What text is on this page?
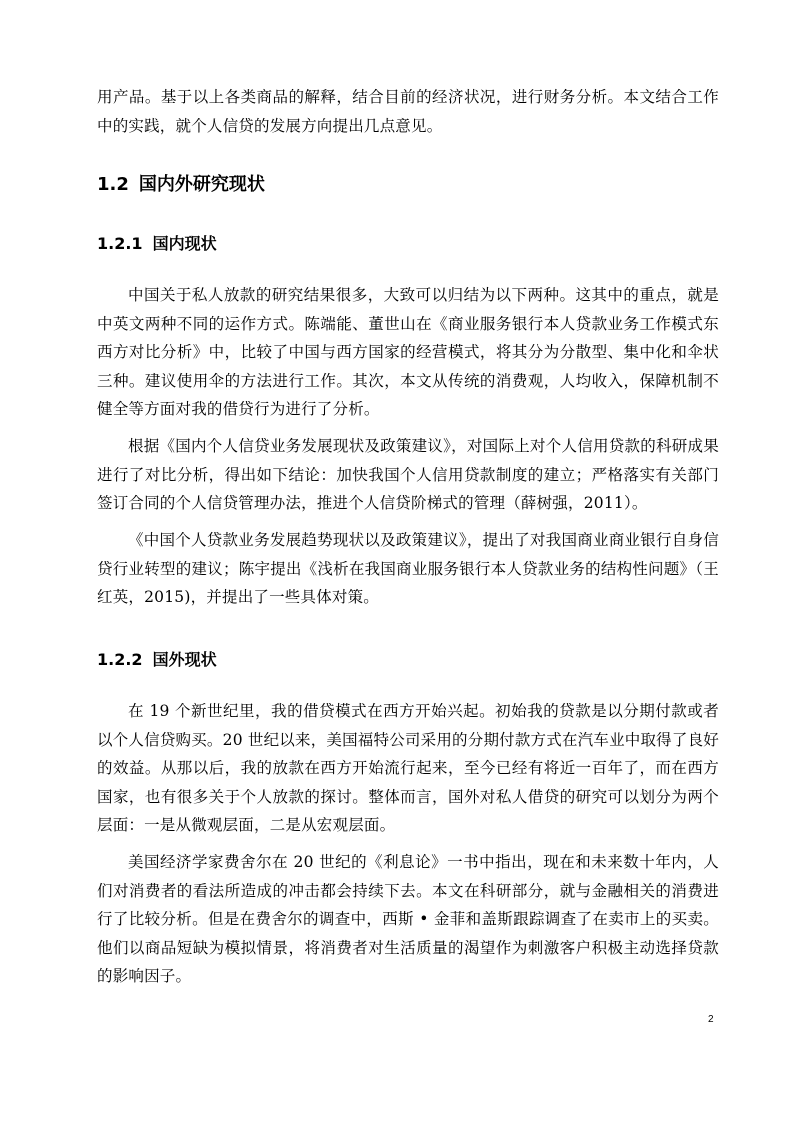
用产品。基于以上各类商品的解释，结合目前的经济状况，进行财务分析。本文结合工作中的实践，就个人信贷的发展方向提出几点意见。

1.2 国内外研究现状
1.2.1 国内现状

中国关于私人放款的研究结果很多，大致可以归结为以下两种。这其中的重点，就是中英文两种不同的运作方式。陈端能、董世山在《商业服务银行本人贷款业务工作模式东西方对比分析》中，比较了中国与西方国家的经营模式，将其分为分散型、集中化和伞状三种。建议使用伞的方法进行工作。其次，本文从传统的消费观，人均收入，保障机制不健全等方面对我的借贷行为进行了分析。

根据《国内个人信贷业务发展现状及政策建议》，对国际上对个人信用贷款的科研成果进行了对比分析，得出如下结论：加快我国个人信用贷款制度的建立；严格落实有关部门签订合同的个人信贷管理办法，推进个人信贷阶梯式的管理（薛树强，2011）。

《中国个人贷款业务发展趋势现状以及政策建议》，提出了对我国商业商业银行自身信贷行业转型的建议；陈宇提出《浅析在我国商业服务银行本人贷款业务的结构性问题》（王红英，2015)，并提出了一些具体对策。

1.2.2 国外现状

在 19 个新世纪里，我的借贷模式在西方开始兴起。初始我的贷款是以分期付款或者以个人信贷购买。20 世纪以来，美国福特公司采用的分期付款方式在汽车业中取得了良好的效益。从那以后，我的放款在西方开始流行起来，至今已经有将近一百年了，而在西方国家，也有很多关于个人放款的探讨。整体而言，国外对私人借贷的研究可以划分为两个层面：一是从微观层面，二是从宏观层面。

美国经济学家费舍尔在 20 世纪的《利息论》一书中指出，现在和未来数十年内，人们对消费者的看法所造成的冲击都会持续下去。本文在科研部分，就与金融相关的消费进行了比较分析。但是在费舍尔的调查中，西斯 • 金菲和盖斯跟踪调查了在卖市上的买卖。他们以商品短缺为模拟情景，将消费者对生活质量的渴望作为刺激客户积极主动选择贷款的影响因子。

2
